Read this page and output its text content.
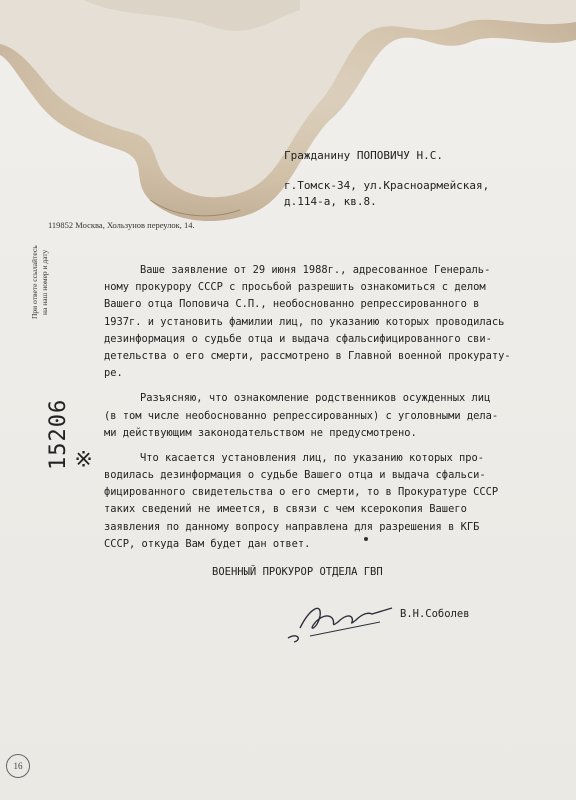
119852 Москва, Хользунов переулок, 14.
При ответе ссылайтесь
на наш номер и дату
15206 ※
Гражданину ПОПОВИЧУ Н.С.
г.Томск-34, ул.Красноармейская,
д.114-а, кв.8.
Ваше заявление от 29 июня 1988г., адресованное Генераль-
ному прокурору СССР с просьбой разрешить ознакомиться с делом
Вашего отца Поповича С.П., необоснованно репрессированного в
1937г. и установить фамилии лиц, по указанию которых проводилась
дезинформация о судьбе отца и выдача сфальсифицированного сви-
детельства о его смерти, рассмотрено в Главной военной прокурату-
ре.
Разъясняю, что ознакомление родственников осужденных лиц
(в том числе необоснованно репрессированных) с уголовными дела-
ми действующим законодательством не предусмотрено.
Что касается установления лиц, по указанию которых про-
водилась дезинформация о судьбе Вашего отца и выдача сфальси-
фицированного свидетельства о его смерти, то в Прокуратуре СССР
таких сведений не имеется, в связи с чем ксерокопия Вашего
заявления по данному вопросу направлена для разрешения в КГБ
СССР, откуда Вам будет дан ответ.
ВОЕННЫЙ ПРОКУРОР ОТДЕЛА ГВП
В.Н.Соболев
16
